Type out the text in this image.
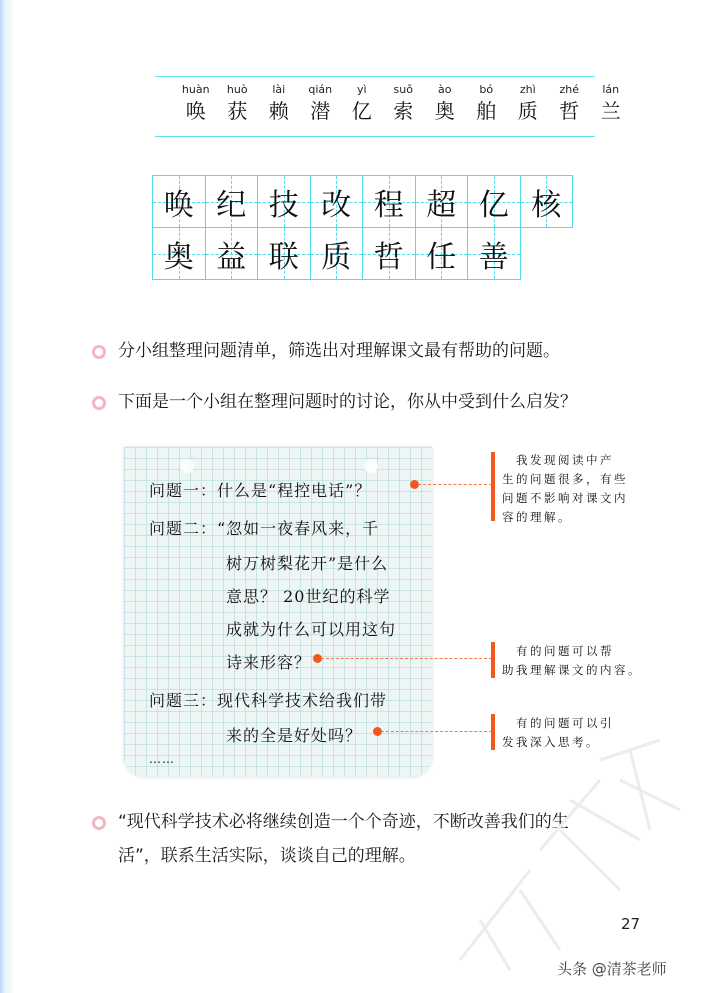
huàn
唤
huò
获
lài
赖
qián
潜
yì
亿
suǒ
索
ào
奥
bó
舶
zhì
质
zhé
哲
lán
兰
唤 纪 技 改 程 超 亿 核
奥 益 联 质 哲 任 善
分小组整理问题清单，筛选出对理解课文最有帮助的问题。
下面是一个小组在整理问题时的讨论，你从中受到什么启发？
问题一：什么是“程控电话”？
问题二：“忽如一夜春风来，千
树万树梨花开”是什么
意思？ 20世纪的科学
成就为什么可以用这句
诗来形容？
问题三：现代科学技术给我们带
来的全是好处吗？
……
　我发现阅读中产
生的问题很多，有些
问题不影响对课文内
容的理解。
　有的问题可以帮
助我理解课文的内容。
　有的问题可以引
发我深入思考。
“现代科学技术必将继续创造一个个奇迹，不断改善我们的生
活”，联系生活实际，谈谈自己的理解。
27
头条 @清茶老师
